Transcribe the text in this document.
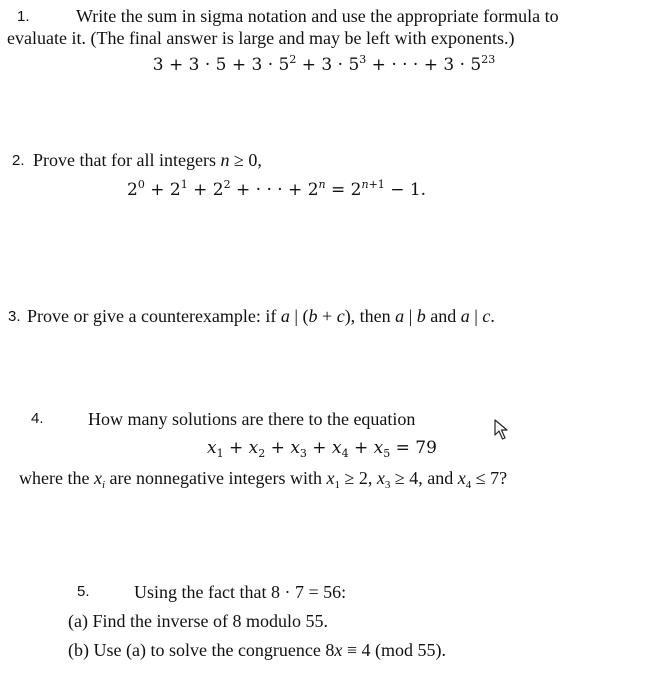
1.	Write the sum in sigma notation and use the appropriate formula to
evaluate it. (The final answer is large and may be left with exponents.)
$3 + 3 \cdot 5 + 3 \cdot 5^2 + 3 \cdot 5^3$ + · · · + $3 \cdot 5^{23}$
2. Prove that for all integers n ≥ 0,
$2^0 + 2^1 + 2^2$ + · · · + $2^n = 2^{n+1} - 1$.
3. Prove or give a counterexample: if a | (b + c), then a | b and a | c.
4. How many solutions are there to the equation
$x_1 + x_2 + x_3 + x_4 + x_5 = 79$
where the $x_i$ are nonnegative integers with $x_1 \ge 2$, $x_3 \ge 4$, and $x_4 \le 7$?
5. Using the fact that 8 · 7 = 56:
(a) Find the inverse of 8 modulo 55.
(b) Use (a) to solve the congruence 8x ≡ 4 (mod 55).
